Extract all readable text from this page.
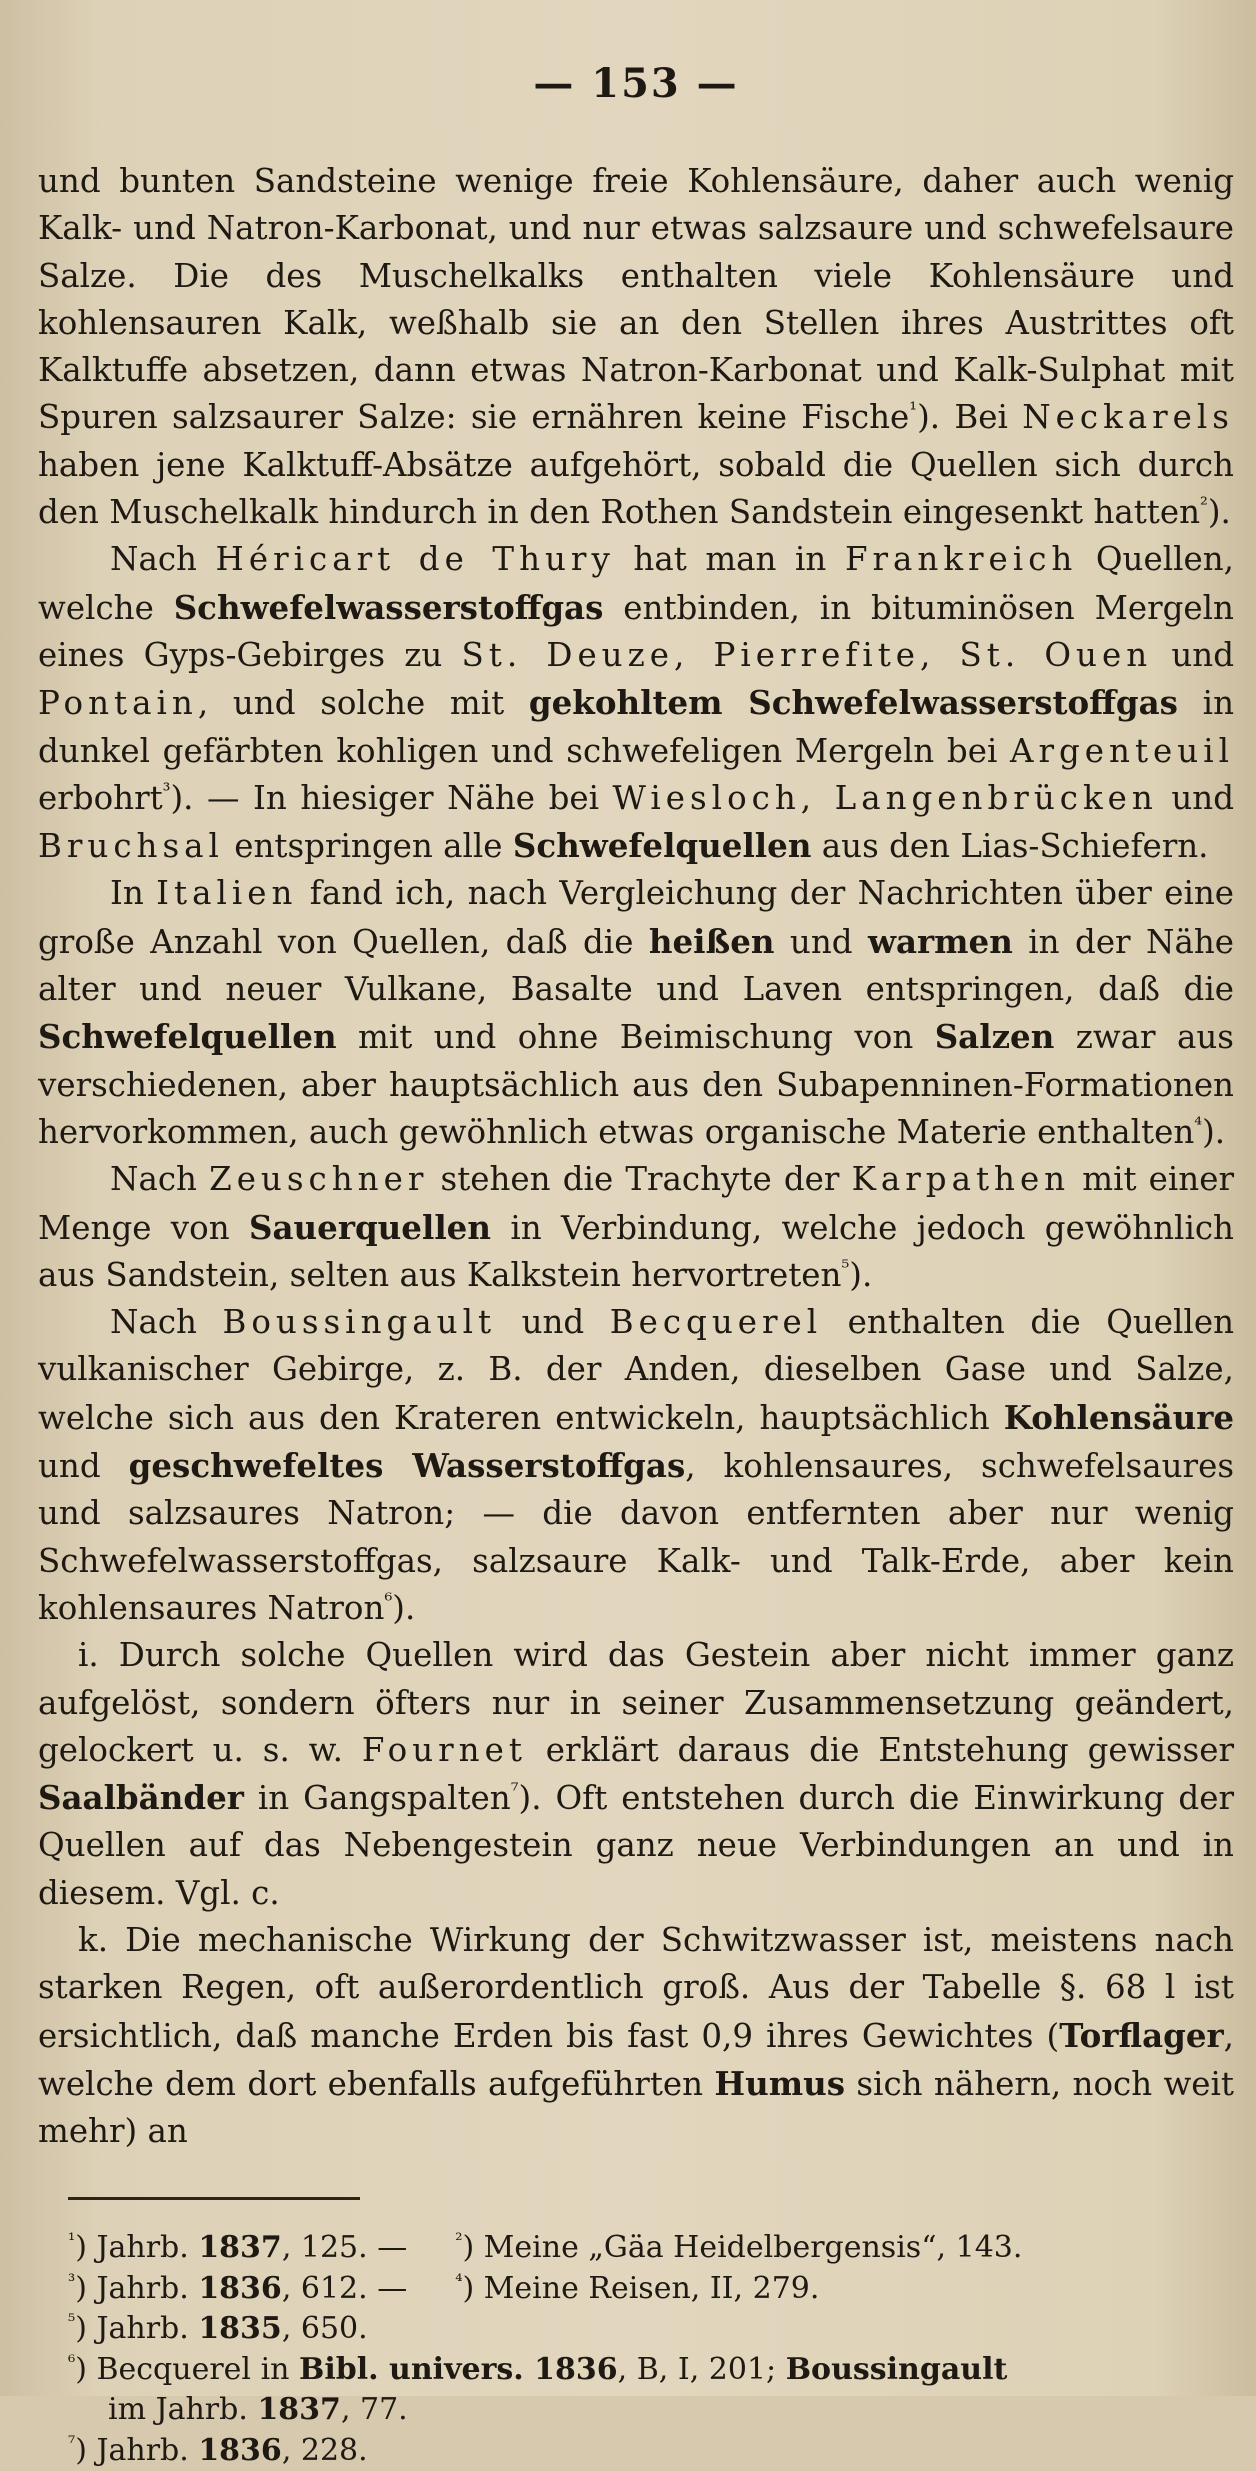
— 153 —

und bunten Sandsteine wenige freie Kohlensäure, daher auch wenig Kalk- und Natron-Karbonat, und nur etwas salzsaure und schwefelsaure Salze. Die des Muschelkalks enthalten viele Kohlensäure und kohlensauren Kalk, weßhalb sie an den Stellen ihres Austrittes oft Kalktuffe absetzen, dann etwas Natron-Karbonat und Kalk-Sulphat mit Spuren salzsaurer Salze: sie ernähren keine Fische$^{^1}$). Bei Neckarels haben jene Kalktuff-Absätze aufgehört, sobald die Quellen sich durch den Muschelkalk hindurch in den Rothen Sandstein eingesenkt hatten$^{^2}$).

Nach Héricart de Thury hat man in Frankreich Quellen, welche Schwefelwasserstoffgas entbinden, in bituminösen Mergeln eines Gyps-Gebirges zu St. Deuze, Pierrefite, St. Ouen und Pontain, und solche mit gekohltem Schwefelwasserstoffgas in dunkel gefärbten kohligen und schwefeligen Mergeln bei Argenteuil erbohrt$^{^3}$). — In hiesiger Nähe bei Wiesloch, Langenbrücken und Bruchsal entspringen alle Schwefelquellen aus den Lias-Schiefern.

In Italien fand ich, nach Vergleichung der Nachrichten über eine große Anzahl von Quellen, daß die heißen und warmen in der Nähe alter und neuer Vulkane, Basalte und Laven entspringen, daß die Schwefelquellen mit und ohne Beimischung von Salzen zwar aus verschiedenen, aber hauptsächlich aus den Subapenninen-Formationen hervorkommen, auch gewöhnlich etwas organische Materie enthalten$^{^4}$).

Nach Zeuschner stehen die Trachyte der Karpathen mit einer Menge von Sauerquellen in Verbindung, welche jedoch gewöhnlich aus Sandstein, selten aus Kalkstein hervortreten$^{^5}$).

Nach Boussingault und Becquerel enthalten die Quellen vulkanischer Gebirge, z. B. der Anden, dieselben Gase und Salze, welche sich aus den Krateren entwickeln, hauptsächlich Kohlensäure und geschwefeltes Wasserstoffgas, kohlensaures, schwefelsaures und salzsaures Natron; — die davon entfernten aber nur wenig Schwefelwasserstoffgas, salzsaure Kalk- und Talk-Erde, aber kein kohlensaures Natron$^{^6}$).

i. Durch solche Quellen wird das Gestein aber nicht immer ganz aufgelöst, sondern öfters nur in seiner Zusammensetzung geändert, gelockert u. s. w. Fournet erklärt daraus die Entstehung gewisser Saalbänder in Gangspalten$^{^7}$). Oft entstehen durch die Einwirkung der Quellen auf das Nebengestein ganz neue Verbindungen an und in diesem. Vgl. c.

k. Die mechanische Wirkung der Schwitzwasser ist, meistens nach starken Regen, oft außerordentlich groß. Aus der Tabelle §. 68 l ist ersichtlich, daß manche Erden bis fast 0,9 ihres Gewichtes (Torflager, welche dem dort ebenfalls aufgeführten Humus sich nähern, noch weit mehr) an

$^{^1}$) Jahrb. 1837, 125. —	$^{^2}$) Meine „Gäa Heidelbergensis“, 143.

$^{^3}$) Jahrb. 1836, 612. —	$^{^4}$) Meine Reisen, II, 279.

$^{^5}$) Jahrb. 1835, 650.

$^{^6}$) Becquerel in Bibl. univers. 1836, B, I, 201; Boussingault

im Jahrb. 1837, 77.

$^{^7}$) Jahrb. 1836, 228.
